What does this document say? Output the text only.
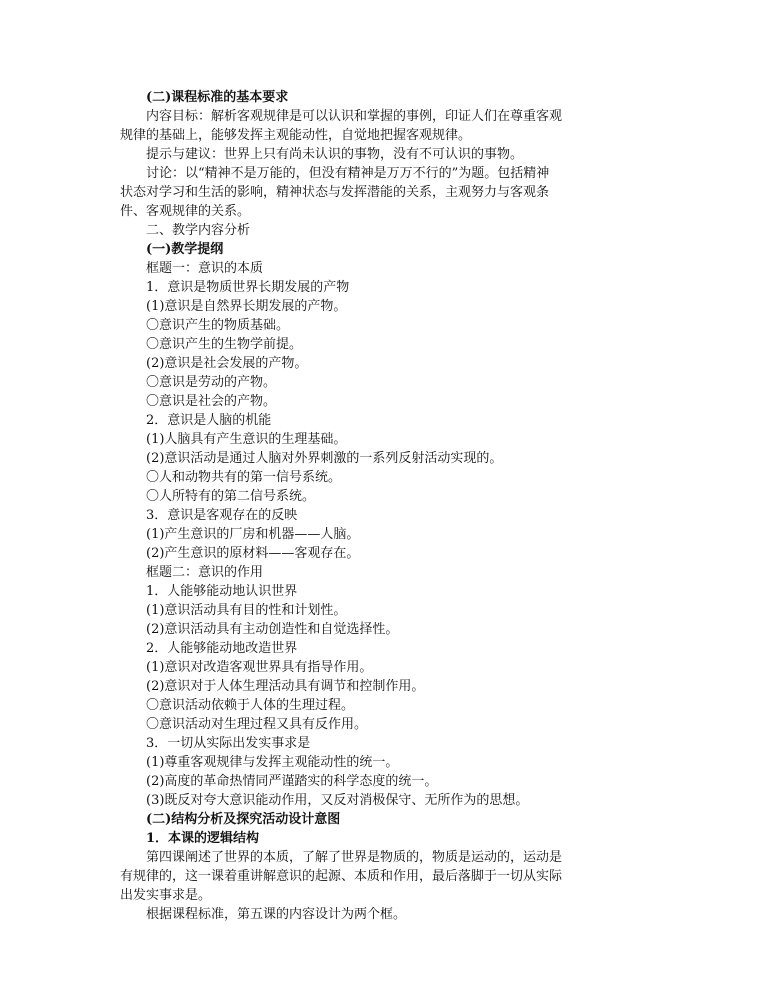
(二)课程标准的基本要求
内容目标：解析客观规律是可以认识和掌握的事例，印证人们在尊重客观
规律的基础上，能够发挥主观能动性，自觉地把握客观规律。
提示与建议：世界上只有尚未认识的事物，没有不可认识的事物。
讨论：以“精神不是万能的，但没有精神是万万不行的”为题。包括精神
状态对学习和生活的影响，精神状态与发挥潜能的关系，主观努力与客观条
件、客观规律的关系。
二、教学内容分析
(一)教学提纲
框题一：意识的本质
1．意识是物质世界长期发展的产物
(1)意识是自然界长期发展的产物。
〇意识产生的物质基础。
〇意识产生的生物学前提。
(2)意识是社会发展的产物。
〇意识是劳动的产物。
〇意识是社会的产物。
2．意识是人脑的机能
(1)人脑具有产生意识的生理基础。
(2)意识活动是通过人脑对外界刺激的一系列反射活动实现的。
〇人和动物共有的第一信号系统。
〇人所特有的第二信号系统。
3．意识是客观存在的反映
(1)产生意识的厂房和机器——人脑。
(2)产生意识的原材料——客观存在。
框题二：意识的作用
1．人能够能动地认识世界
(1)意识活动具有目的性和计划性。
(2)意识活动具有主动创造性和自觉选择性。
2．人能够能动地改造世界
(1)意识对改造客观世界具有指导作用。
(2)意识对于人体生理活动具有调节和控制作用。
〇意识活动依赖于人体的生理过程。
〇意识活动对生理过程又具有反作用。
3．一切从实际出发实事求是
(1)尊重客观规律与发挥主观能动性的统一。
(2)高度的革命热情同严谨踏实的科学态度的统一。
(3)既反对夸大意识能动作用，又反对消极保守、无所作为的思想。
(二)结构分析及探究活动设计意图
1．本课的逻辑结构
第四课阐述了世界的本质，了解了世界是物质的，物质是运动的，运动是
有规律的，这一课着重讲解意识的起源、本质和作用，最后落脚于一切从实际
出发实事求是。
根据课程标准，第五课的内容设计为两个框。
